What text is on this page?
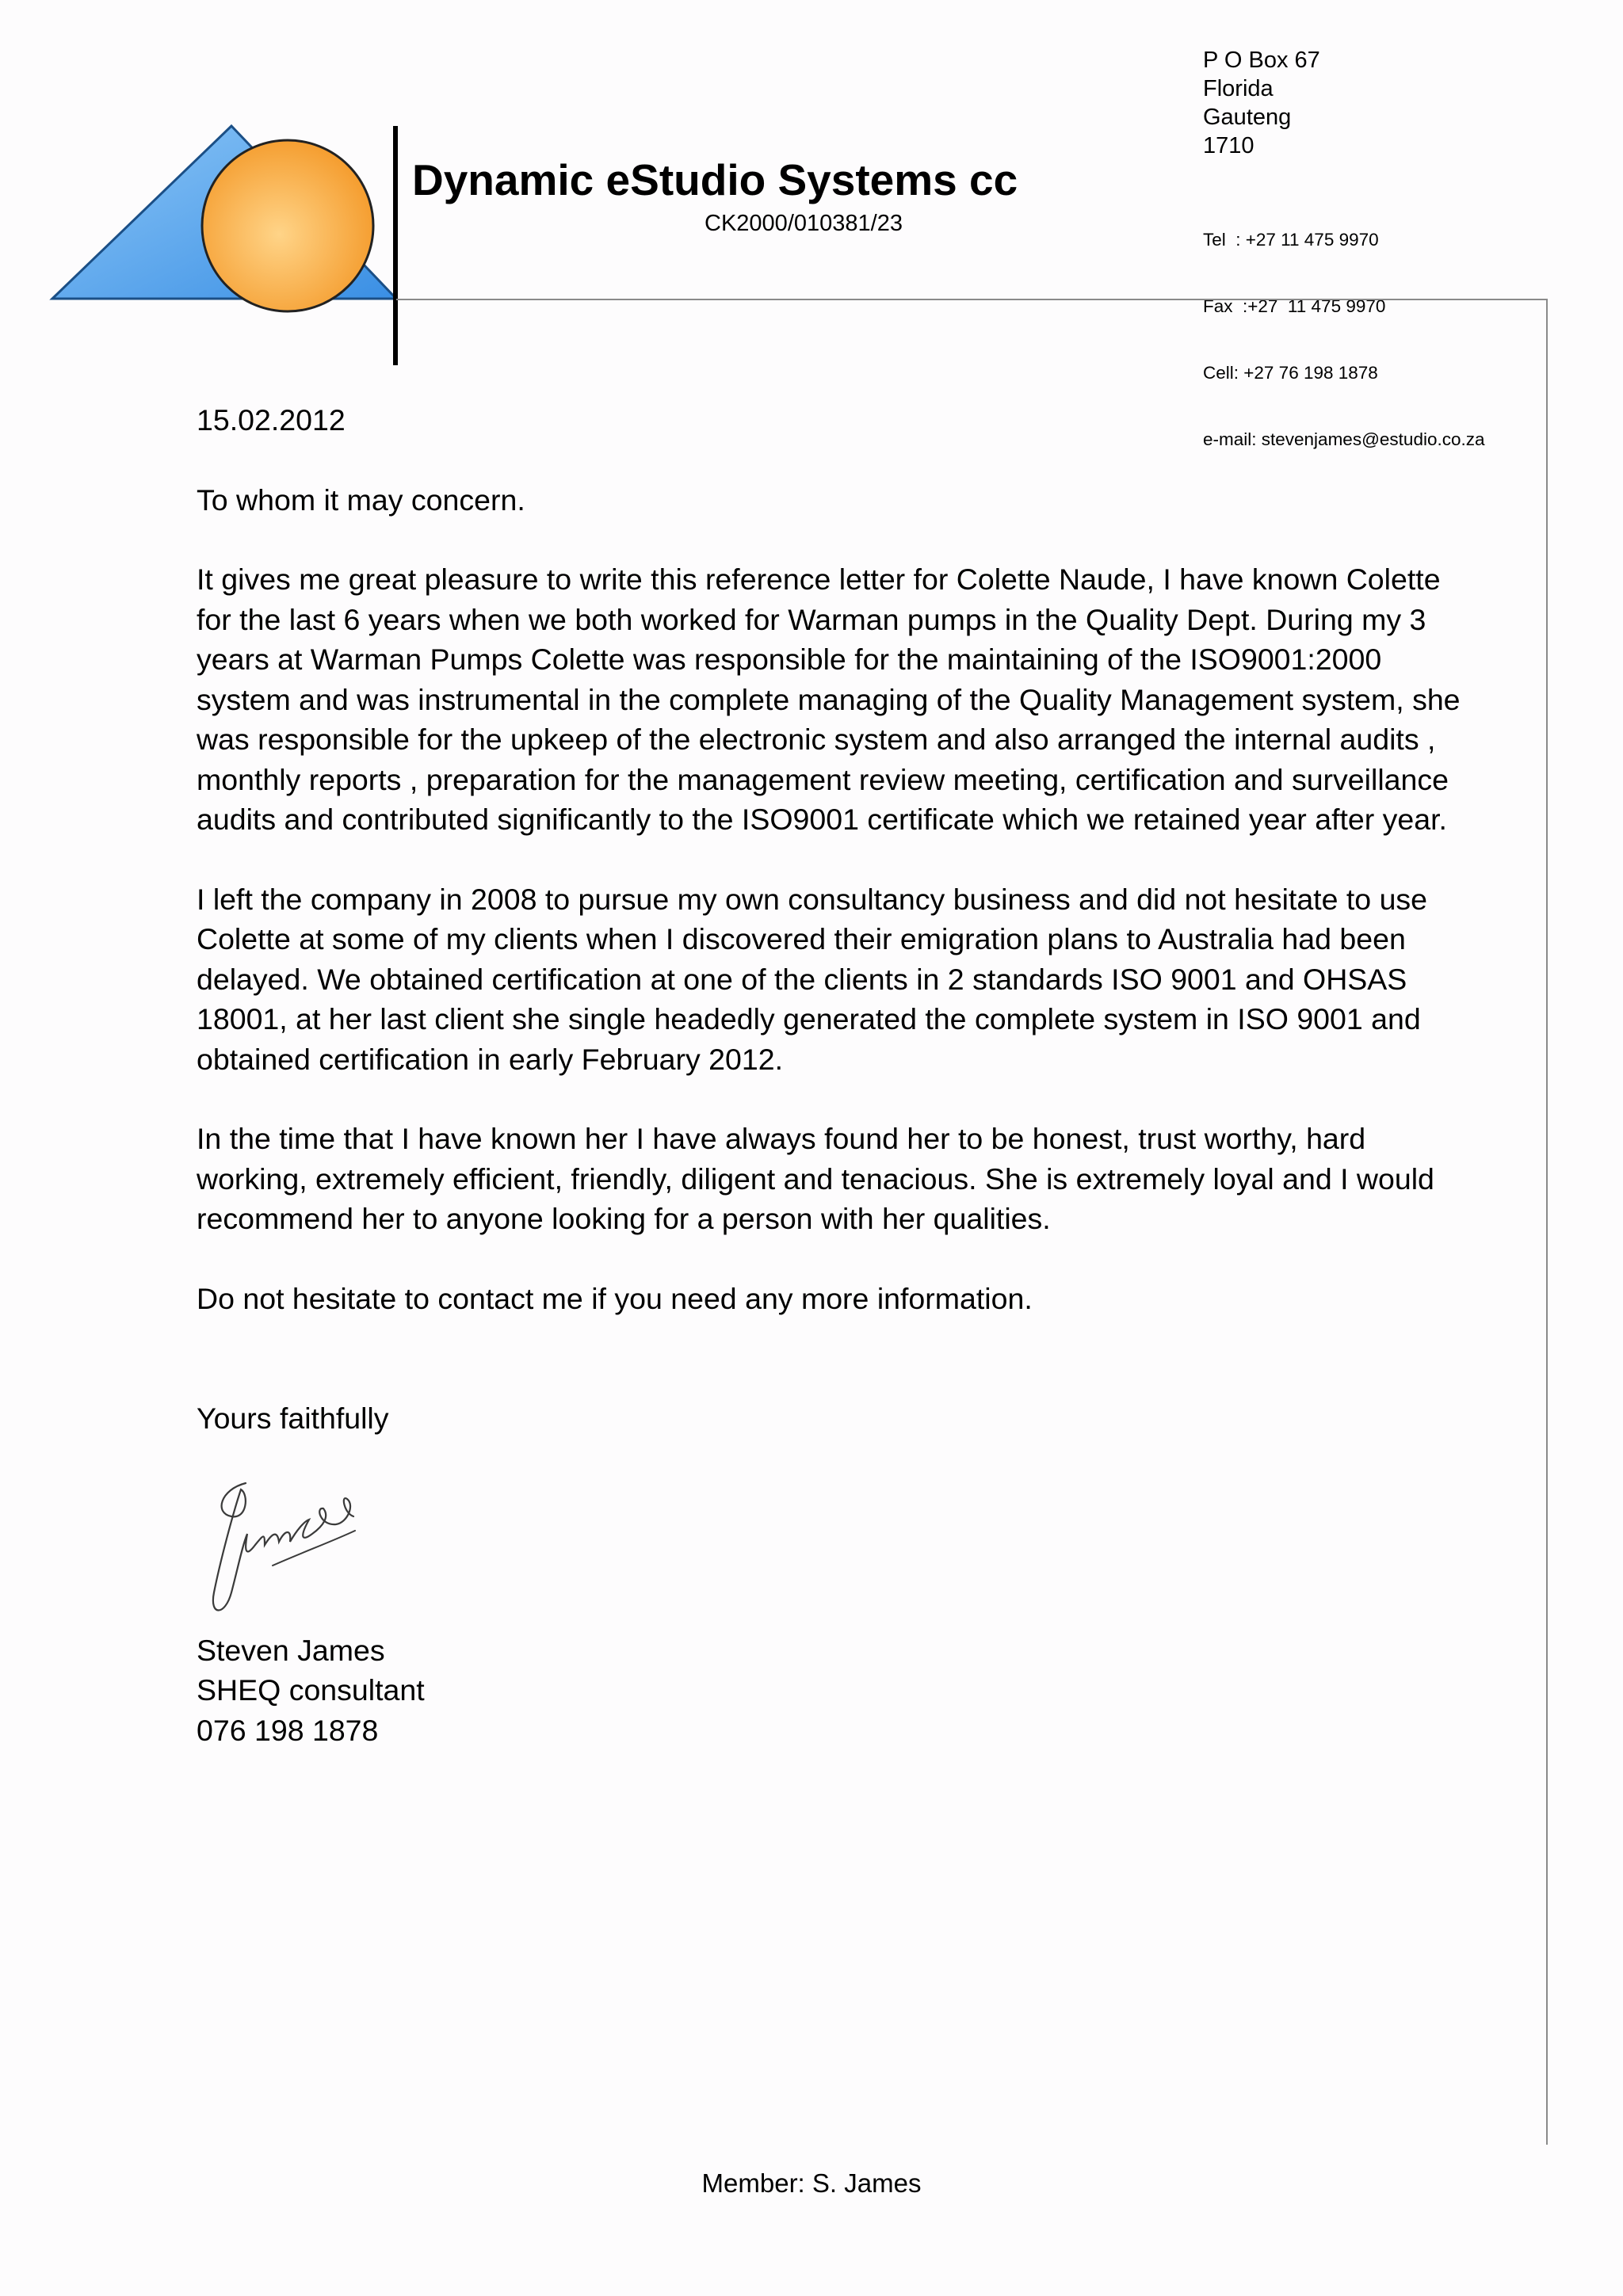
Dynamic eStudio Systems cc
CK2000/010381/23
P O Box 67
Florida
Gauteng
1710

Tel  : +27 11 475 9970

Fax  :+27  11 475 9970

Cell: +27 76 198 1878

e-mail: stevenjames@estudio.co.za

15.02.2012

To whom it may concern.

It gives me great pleasure to write this reference letter for Colette Naude, I have known Colette for the last 6 years when we both worked for Warman pumps in the Quality Dept. During my 3 years at Warman Pumps Colette was responsible for the maintaining of the ISO9001:2000 system and was instrumental in the complete managing of the Quality Management system, she was responsible for the upkeep of the electronic system and also arranged the internal audits , monthly reports , preparation for the management review meeting, certification and surveillance audits and contributed significantly to the ISO9001 certificate which we retained year after year.

I left the company in 2008 to pursue my own consultancy business and did not hesitate to use Colette at some of my clients when I discovered their emigration plans to Australia had been delayed. We obtained certification at one of the clients in 2 standards ISO 9001 and OHSAS 18001, at her last client she single headedly generated the complete system in ISO 9001 and obtained certification in early February 2012.

In the time that I have known her I have always found her to be honest, trust worthy, hard working, extremely efficient, friendly, diligent and tenacious. She is extremely loyal and I would recommend her to anyone looking for a person with her qualities.

Do not hesitate to contact me if you need any more information.

Yours faithfully

Steven James

SHEQ consultant

076 198 1878

Member: S. James
